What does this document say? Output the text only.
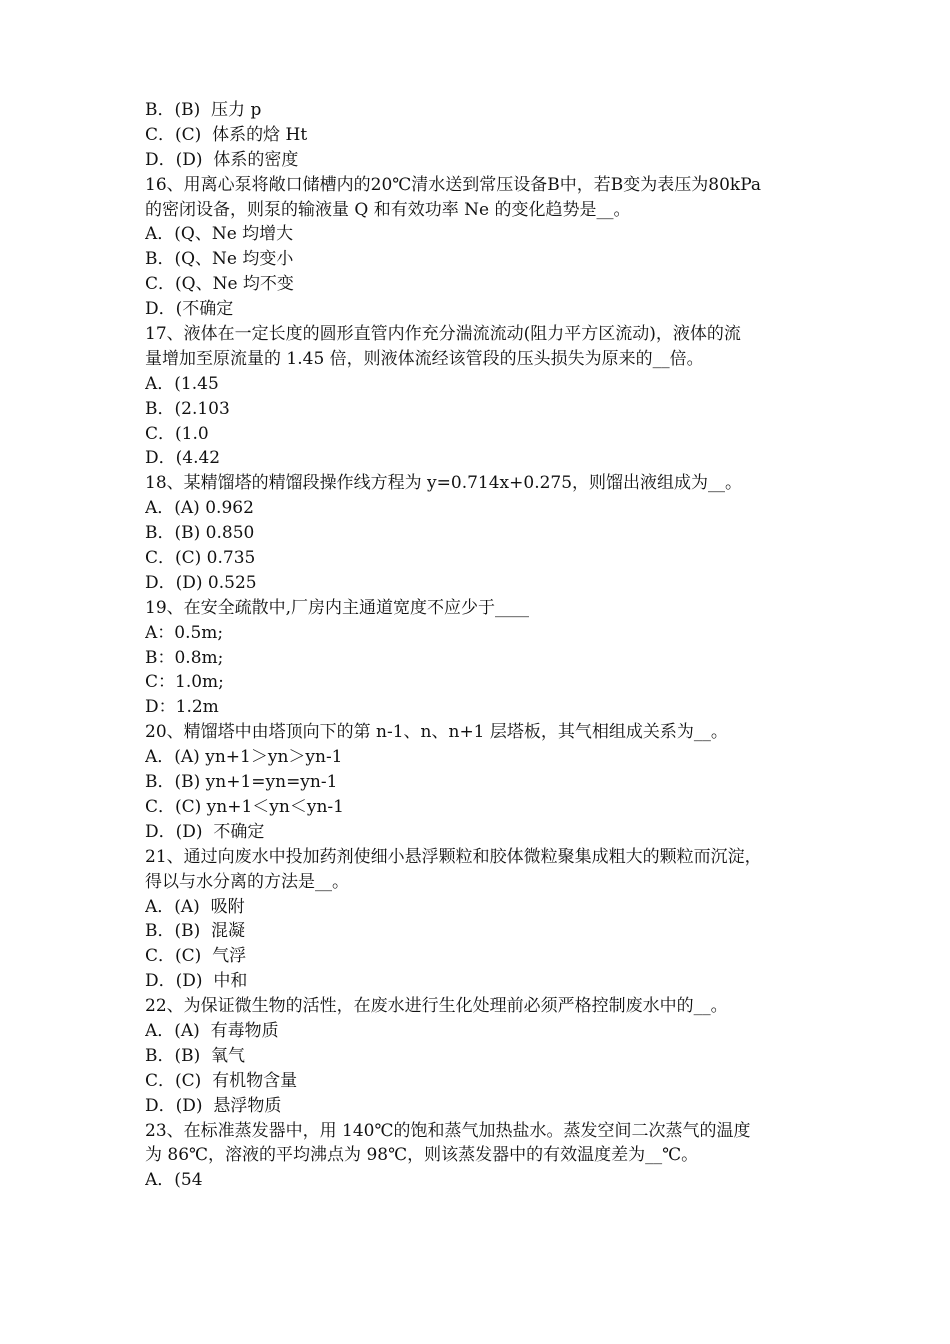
B．(B)  压力 p
C．(C)  体系的焓 Ht
D．(D)  体系的密度
16、用离心泵将敞口储槽内的20℃清水送到常压设备B中，若B变为表压为80kPa
的密闭设备，则泵的输液量 Q 和有效功率 Ne 的变化趋势是__。
A．(Q、Ne 均增大
B．(Q、Ne 均变小
C．(Q、Ne 均不变
D．(不确定
17、液体在一定长度的圆形直管内作充分湍流流动(阻力平方区流动)，液体的流
量增加至原流量的 1.45 倍，则液体流经该管段的压头损失为原来的__倍。
A．(1.45
B．(2.103
C．(1.0
D．(4.42
18、某精馏塔的精馏段操作线方程为 y=0.714x+0.275，则馏出液组成为__。
A．(A) 0.962
B．(B) 0.850
C．(C) 0.735
D．(D) 0.525
19、在安全疏散中,厂房内主通道宽度不应少于____
A：0.5m;
B：0.8m;
C：1.0m;
D：1.2m
20、精馏塔中由塔顶向下的第 n-1、n、n+1 层塔板，其气相组成关系为__。
A．(A) yn+1＞yn＞yn-1
B．(B) yn+1=yn=yn-1
C．(C) yn+1＜yn＜yn-1
D．(D)  不确定
21、通过向废水中投加药剂使细小悬浮颗粒和胶体微粒聚集成粗大的颗粒而沉淀，
得以与水分离的方法是__。
A．(A)  吸附
B．(B)  混凝
C．(C)  气浮
D．(D)  中和
22、为保证微生物的活性，在废水进行生化处理前必须严格控制废水中的__。
A．(A)  有毒物质
B．(B)  氧气
C．(C)  有机物含量
D．(D)  悬浮物质
23、在标准蒸发器中，用 140℃的饱和蒸气加热盐水。蒸发空间二次蒸气的温度
为 86℃，溶液的平均沸点为 98℃，则该蒸发器中的有效温度差为__℃。
A．(54
